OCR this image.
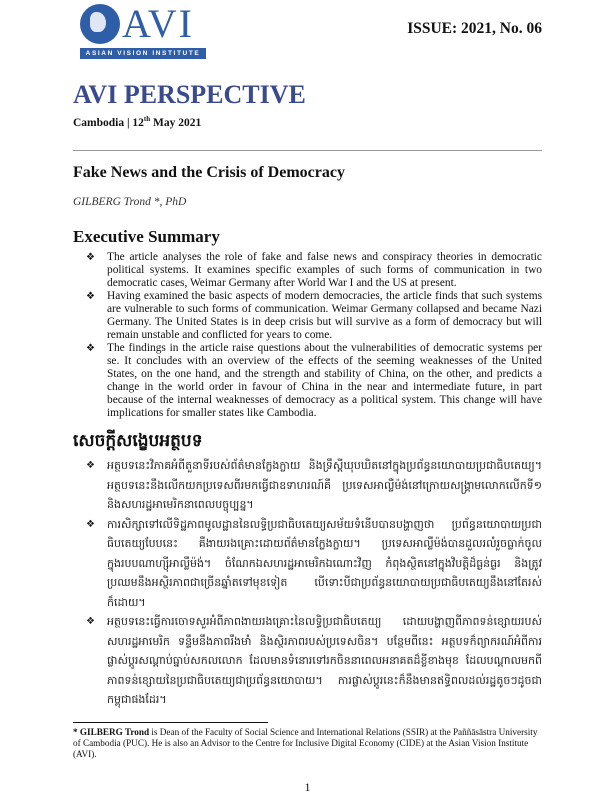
AVI
ASIAN VISION INSTITUTE
ISSUE: 2021, No. 06
AVI PERSPECTIVE
Cambodia | 12th May 2021
Fake News and the Crisis of Democracy
GILBERG Trond *, PhD
Executive Summary
❖ The article analyses the role of fake and false news and conspiracy theories in democratic political systems. It examines specific examples of such forms of communication in two democratic cases, Weimar Germany after World War I and the US at present.
❖ Having examined the basic aspects of modern democracies, the article finds that such systems are vulnerable to such forms of communication. Weimar Germany collapsed and became Nazi Germany. The United States is in deep crisis but will survive as a form of democracy but will remain unstable and conflicted for years to come.
❖ The findings in the article raise questions about the vulnerabilities of democratic systems per se. It concludes with an overview of the effects of the seeming weaknesses of the United States, on the one hand, and the strength and stability of China, on the other, and predicts a change in the world order in favour of China in the near and intermediate future, in part because of the internal weaknesses of democracy as a political system. This change will have implications for smaller states like Cambodia.
សេចក្តីសង្ខេបអត្ថបទ
❖ អត្ថបទនេះវិភាគអំពីតួនាទីរបស់ព័ត៌មានក្លែងក្លាយ និងទ្រឹស្តីឃុបឃិតនៅក្នុងប្រព័ន្ធនយោបាយប្រជាធិបតេយ្យ។ អត្ថបទនេះនឹងលើកយកប្រទេសពីរមកធ្វើជាឧទាហរណ៍គឺ ប្រទេសអាល្លឺម៉ង់នៅក្រោយសង្គ្រាមលោកលើកទី១ និងសហរដ្ឋអាមេរិកនាពេលបច្ចុប្បន្ន។
❖ ការសិក្សាទៅលើទិដ្ឋភាពមូលដ្ឋាននៃលទ្ធិប្រជាធិបតេយ្យសម័យទំនើបបានបង្ហាញថា ប្រព័ន្ធនយោបាយប្រជាធិបតេយ្យបែបនេះ គឺងាយរងគ្រោះដោយព័ត៌មានក្លែងក្លាយ។ ប្រទេសអាល្លឺម៉ង់បានដួលរលំរួចធ្លាក់ចូលក្នុងរបបណាហ្ស៊ីអាល្លឺម៉ង់។ ចំណែកឯសហរដ្ឋអាមេរិកឯណោះវិញ កំពុងស្ថិតនៅក្នុងវិបត្តិដ៏ធ្ងន់ធ្ងរ និងត្រូវប្រឈមនឹងអស្ថិរភាពជាច្រើនឆ្នាំតទៅមុខទៀត បើទោះបីជាប្រព័ន្ធនយោបាយប្រជាធិបតេយ្យនឹងនៅតែរស់ក៏ដោយ។
❖ អត្ថបទនេះធ្វើការចោទសួរអំពីភាពងាយរងគ្រោះនៃលទ្ធិប្រជាធិបតេយ្យ ដោយបង្ហាញពីភាពទន់ខ្សោយរបស់សហរដ្ឋអាមេរិក ទន្ទឹមនឹងភាពរឹងមាំ និងស្ថិរភាពរបស់ប្រទេសចិន។ បន្ថែមពីនេះ អត្ថបទក៏ព្យាករណ៍អំពីការផ្លាស់ប្តូរសណ្តាប់ធ្នាប់សកលលោក ដែលមានទំនោរទៅរកចិននាពេលអនាគតដ៏ខ្លីខាងមុខ ដែលបណ្តាលមកពីភាពទន់ខ្សោយនៃប្រជាធិបតេយ្យជាប្រព័ន្ធនយោបាយ។ ការផ្លាស់ប្តូរនេះក៏នឹងមានឥទ្ធិពលដល់រដ្ឋតូចៗដូចជាកម្ពុជាផងដែរ។
* GILBERG Trond is Dean of the Faculty of Social Science and International Relations (SSIR) at the Paññāsāstra University of Cambodia (PUC). He is also an Advisor to the Centre for Inclusive Digital Economy (CIDE) at the Asian Vision Institute (AVI).
1
